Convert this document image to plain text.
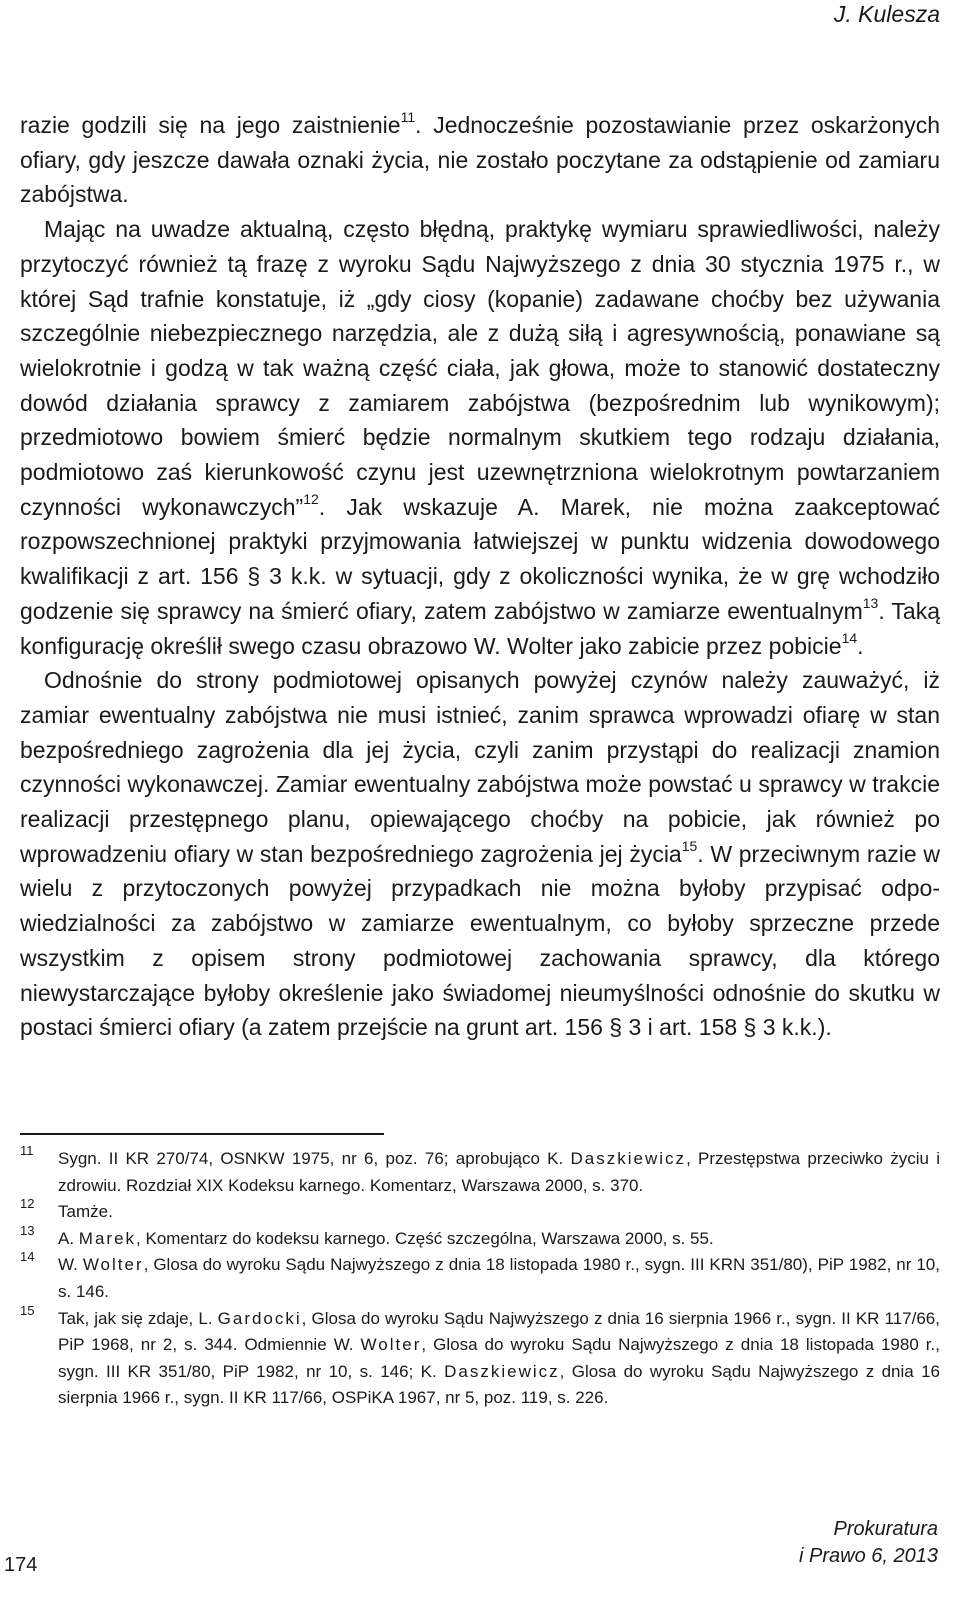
J. Kulesza

razie godzili się na jego zaistnienie$^{11}$. Jednocześnie pozostawianie przez oskarżonych ofiary, gdy jeszcze dawała oznaki życia, nie zostało poczytane za odstąpienie od zamiaru zabójstwa.

Mając na uwadze aktualną, często błędną, praktykę wymiaru sprawiedliwości, należy przytoczyć również tą frazę z wyroku Sądu Najwyższego z dnia 30 stycznia 1975 r., w której Sąd trafnie konstatuje, iż „gdy ciosy (kopanie) zadawane choćby bez używania szczególnie niebezpiecznego narzędzia, ale z dużą siłą i agresywnością, ponawiane są wielokrotnie i godzą w tak ważną część ciała, jak głowa, może to stanowić dostateczny dowód działania sprawcy z zamiarem zabójstwa (bezpośrednim lub wynikowym); przedmiotowo bowiem śmierć będzie normalnym skutkiem tego rodzaju działania, podmiotowo zaś kierunkowość czynu jest uzewnętrzniona wielokrotnym powtarzaniem czynności wykonawczych”$^{12}$. Jak wskazuje A. Marek, nie można zaakceptować rozpowszechnionej praktyki przyjmowania łatwiejszej w punktu widzenia dowodowego kwalifikacji z art. 156 § 3 k.k. w sytuacji, gdy z okoliczności wynika, że w grę wchodziło godzenie się sprawcy na śmierć ofiary, zatem zabójstwo w zamiarze ewentualnym$^{13}$. Taką konfigurację określił swego czasu obrazowo W. Wolter jako zabicie przez pobicie$^{14}$.

Odnośnie do strony podmiotowej opisanych powyżej czynów należy zauważyć, iż zamiar ewentualny zabójstwa nie musi istnieć, zanim sprawca wprowadzi ofiarę w stan bezpośredniego zagrożenia dla jej życia, czyli zanim przystąpi do realizacji znamion czynności wykonawczej. Zamiar ewentualny zabójstwa może powstać u sprawcy w trakcie realizacji przestępnego planu, opiewającego choćby na pobicie, jak również po wprowadzeniu ofiary w stan bezpośredniego zagrożenia jej życia$^{15}$. W przeciwnym razie w wielu z przytoczonych powyżej przypadkach nie można byłoby przypisać odpowiedzialności za zabójstwo w zamiarze ewentualnym, co byłoby sprzeczne przede wszystkim z opisem strony podmiotowej zachowania sprawcy, dla którego niewystarczające byłoby określenie jako świadomej nieumyślności odnośnie do skutku w postaci śmierci ofiary (a zatem przejście na grunt art. 156 § 3 i art. 158 § 3 k.k.).

11 Sygn. II KR 270/74, OSNKW 1975, nr 6, poz. 76; aprobująco K. Daszkiewicz, Przestępstwa przeciwko życiu i zdrowiu. Rozdział XIX Kodeksu karnego. Komentarz, Warszawa 2000, s. 370.
12 Tamże.
13 A. Marek, Komentarz do kodeksu karnego. Część szczególna, Warszawa 2000, s. 55.
14 W. Wolter, Glosa do wyroku Sądu Najwyższego z dnia 18 listopada 1980 r., sygn. III KRN 351/80), PiP 1982, nr 10, s. 146.
15 Tak, jak się zdaje, L. Gardocki, Glosa do wyroku Sądu Najwyższego z dnia 16 sierpnia 1966 r., sygn. II KR 117/66, PiP 1968, nr 2, s. 344. Odmiennie W. Wolter, Glosa do wyroku Sądu Najwyższego z dnia 18 listopada 1980 r., sygn. III KR 351/80, PiP 1982, nr 10, s. 146; K. Daszkiewicz, Glosa do wyroku Sądu Najwyższego z dnia 16 sierpnia 1966 r., sygn. II KR 117/66, OSPiKA 1967, nr 5, poz. 119, s. 226.
174
Prokuratura
i Prawo 6, 2013
